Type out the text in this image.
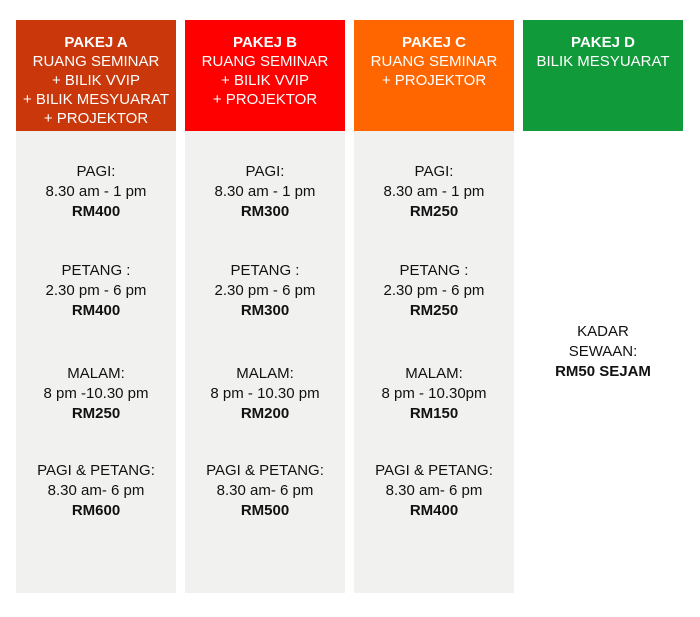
PAKEJ A
RUANG SEMINAR
+ BILIK VVIP
+ BILIK MESYUARAT
+ PROJEKTOR
PAGI:
8.30 am - 1 pm
RM400
PETANG :
2.30 pm - 6 pm
RM400
MALAM:
8 pm -10.30 pm
RM250
PAGI & PETANG:
8.30 am- 6 pm
RM600
PAKEJ B
RUANG SEMINAR
+ BILIK VVIP
+ PROJEKTOR
PAGI:
8.30 am - 1 pm
RM300
PETANG :
2.30 pm - 6 pm
RM300
MALAM:
8 pm - 10.30 pm
RM200
PAGI & PETANG:
8.30 am- 6 pm
RM500
PAKEJ C
RUANG SEMINAR
+ PROJEKTOR
PAGI:
8.30 am - 1 pm
RM250
PETANG :
2.30 pm - 6 pm
RM250
MALAM:
8 pm - 10.30pm
RM150
PAGI & PETANG:
8.30 am- 6 pm
RM400
PAKEJ D
BILIK MESYUARAT
KADAR
SEWAAN:
RM50 SEJAM
